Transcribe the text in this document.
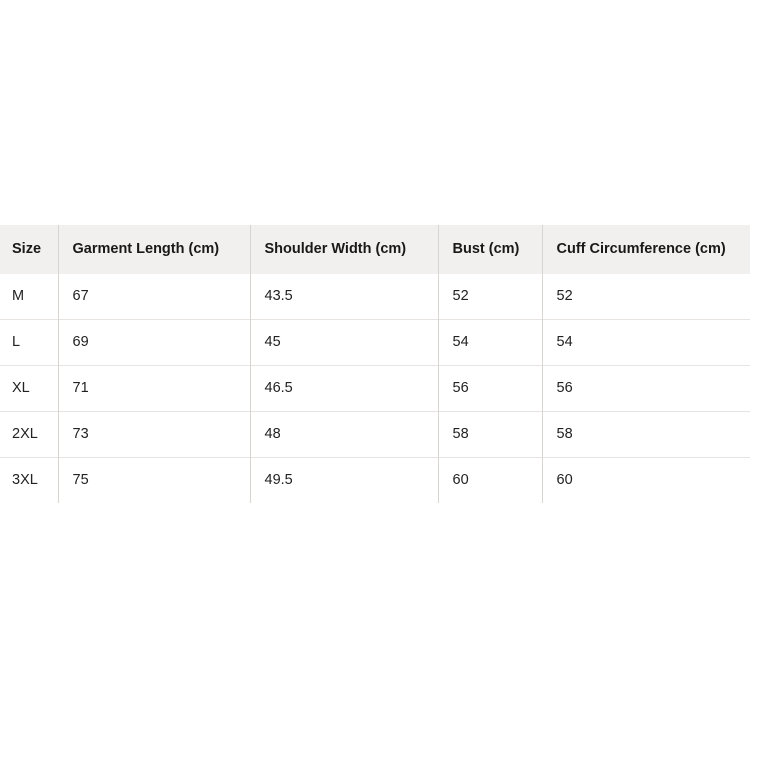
Size	Garment Length (cm)	Shoulder Width (cm)	Bust (cm)	Cuff Circumference (cm)
M	67	43.5	52	52
L	69	45	54	54
XL	71	46.5	56	56
2XL	73	48	58	58
3XL	75	49.5	60	60
